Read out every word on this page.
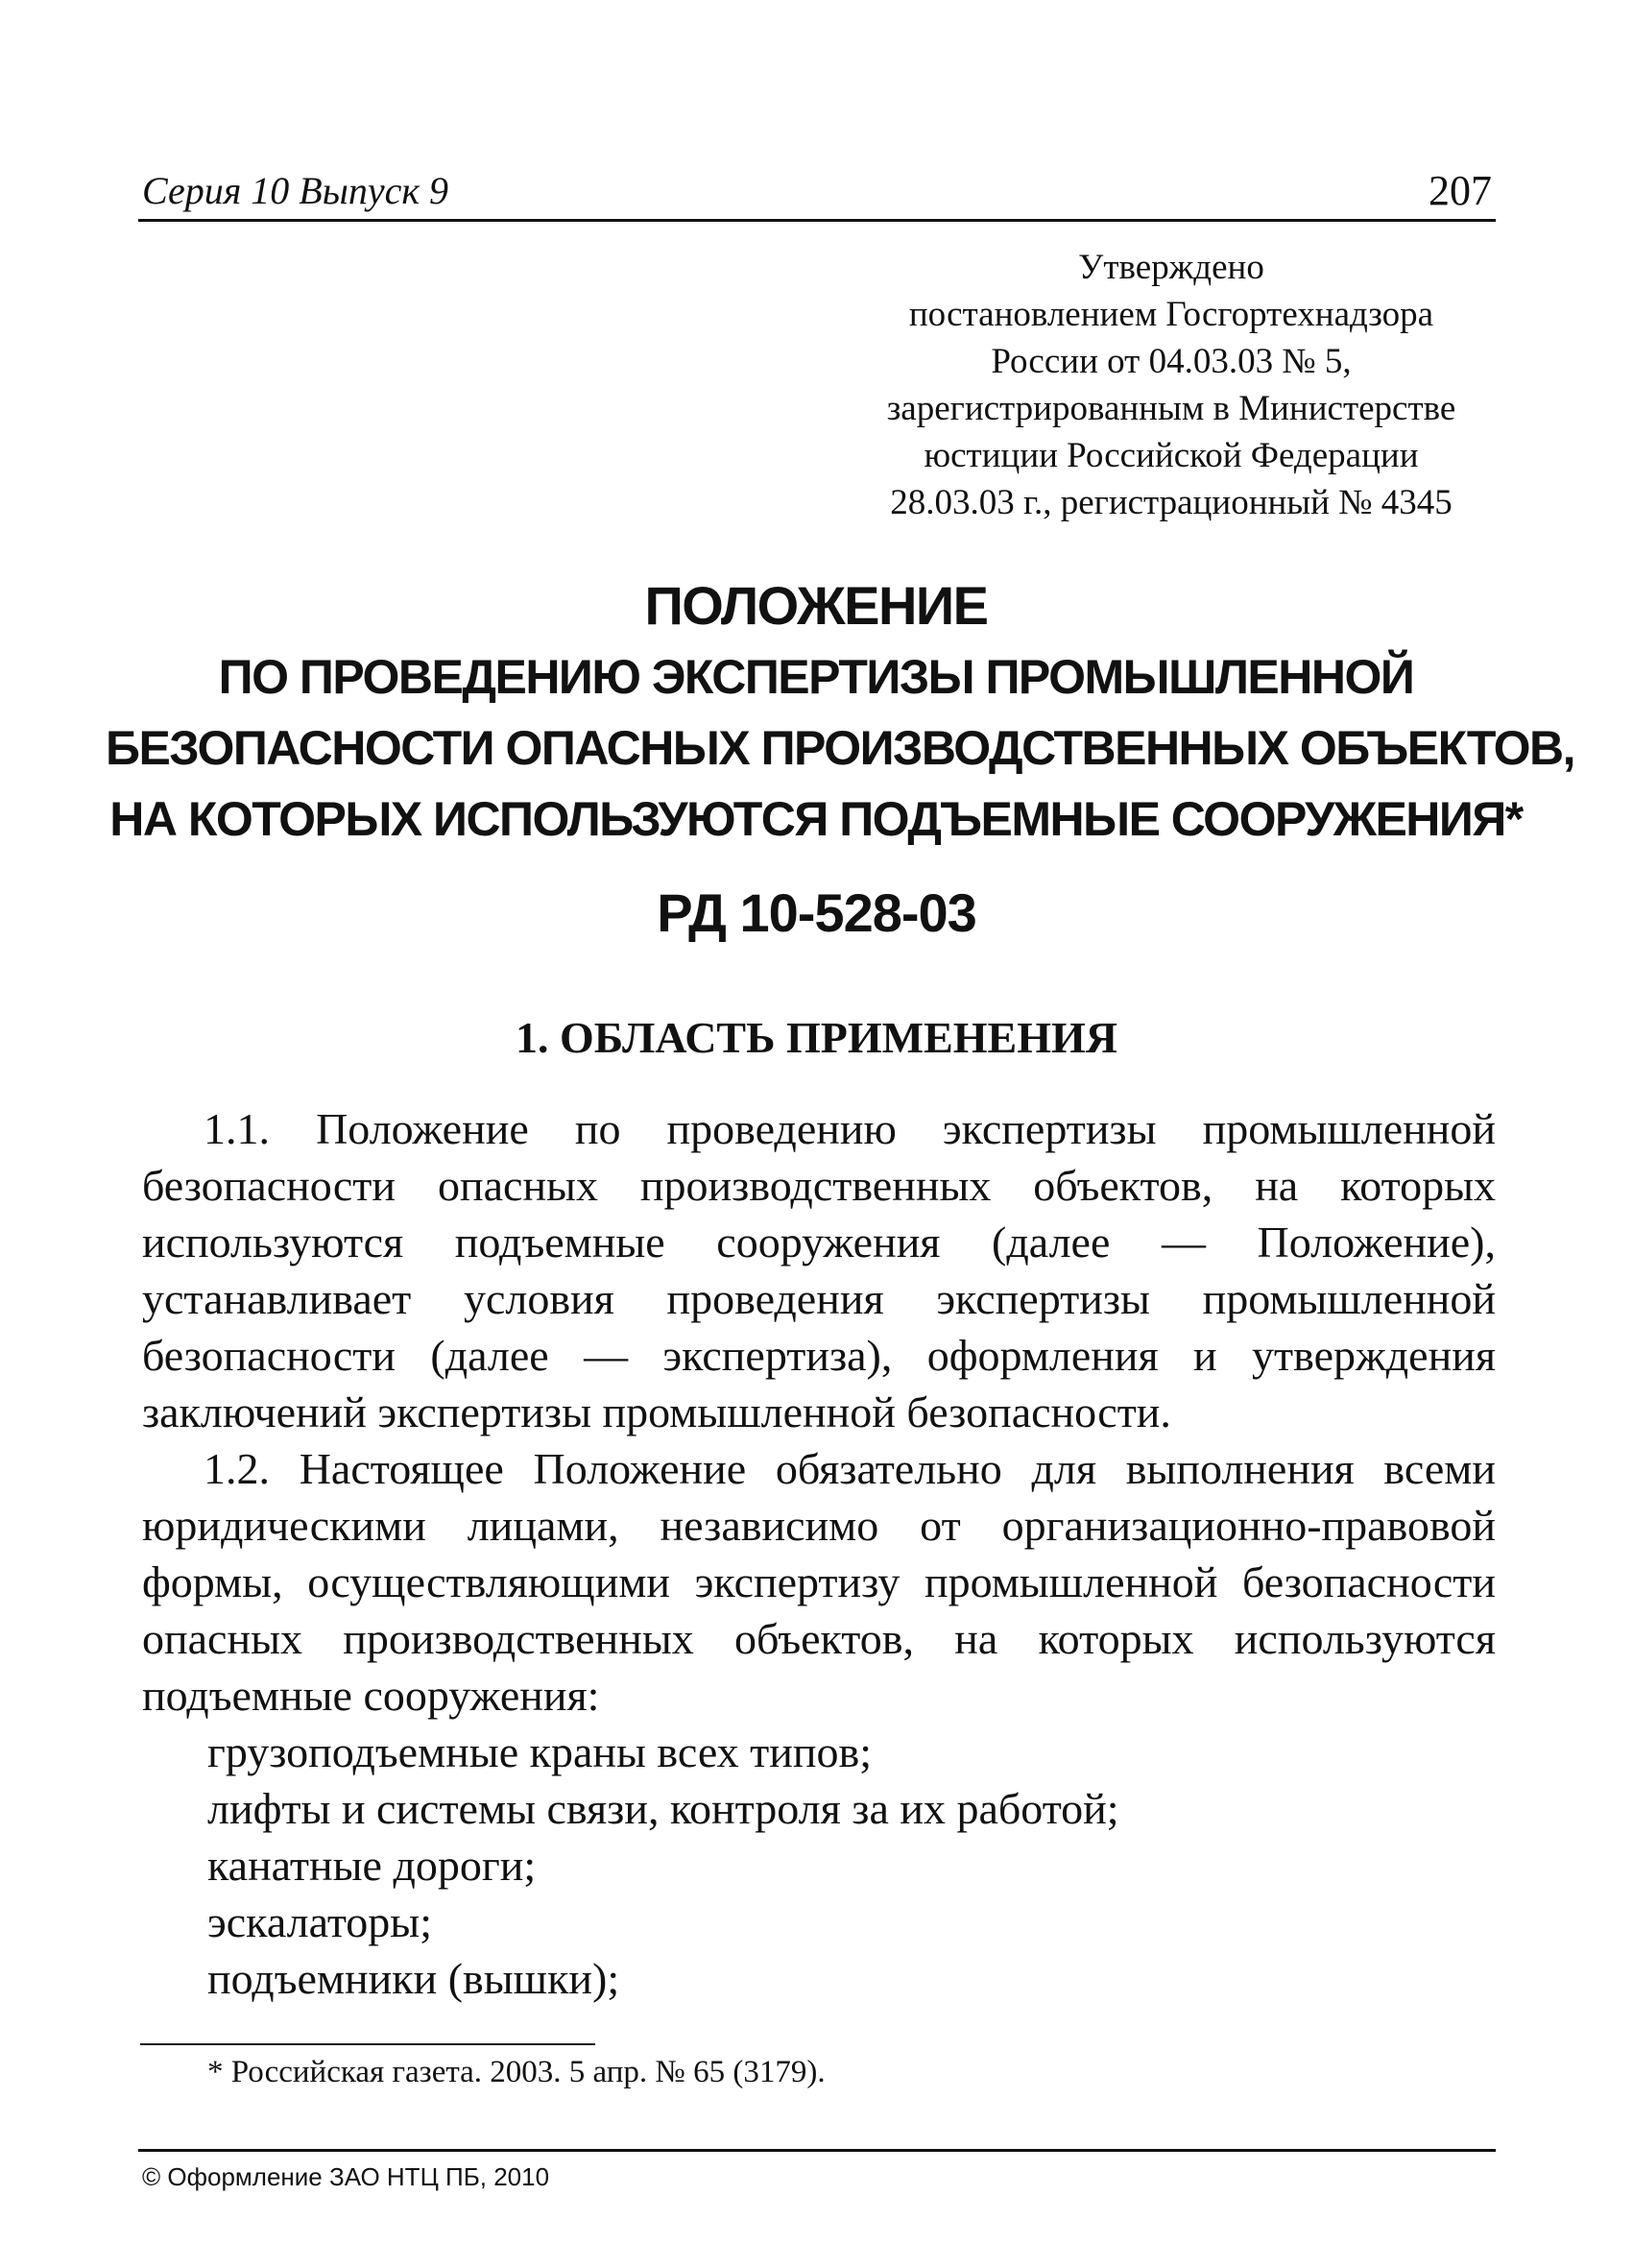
Серия 10 Выпуск 9	207
Утверждено
постановлением Госгортехнадзора
России от 04.03.03 № 5,
зарегистрированным в Министерстве
юстиции Российской Федерации
28.03.03 г., регистрационный № 4345
ПОЛОЖЕНИЕ
ПО ПРОВЕДЕНИЮ ЭКСПЕРТИЗЫ ПРОМЫШЛЕННОЙ
БЕЗОПАСНОСТИ ОПАСНЫХ ПРОИЗВОДСТВЕННЫХ ОБЪЕКТОВ,
НА КОТОРЫХ ИСПОЛЬЗУЮТСЯ ПОДЪЕМНЫЕ СООРУЖЕНИЯ*
РД 10-528-03
1. ОБЛАСТЬ ПРИМЕНЕНИЯ

1.1. Положение по проведению экспертизы промышленной безопасности опасных производственных объектов, на которых используются подъемные сооружения (далее — Положение), устанавливает условия проведения экспертизы промышленной безопасности (далее — экспертиза), оформления и утверждения заключений экспертизы промышленной безопасности.

1.2. Настоящее Положение обязательно для выполнения всеми юридическими лицами, независимо от организационно-правовой формы, осуществляющими экспертизу промышленной безопасности опасных производственных объектов, на которых используются подъемные сооружения:

грузоподъемные краны всех типов;

лифты и системы связи, контроля за их работой;

канатные дороги;

эскалаторы;

подъемники (вышки);

* Российская газета. 2003. 5 апр. № 65 (3179).
© Оформление ЗАО НТЦ ПБ, 2010
